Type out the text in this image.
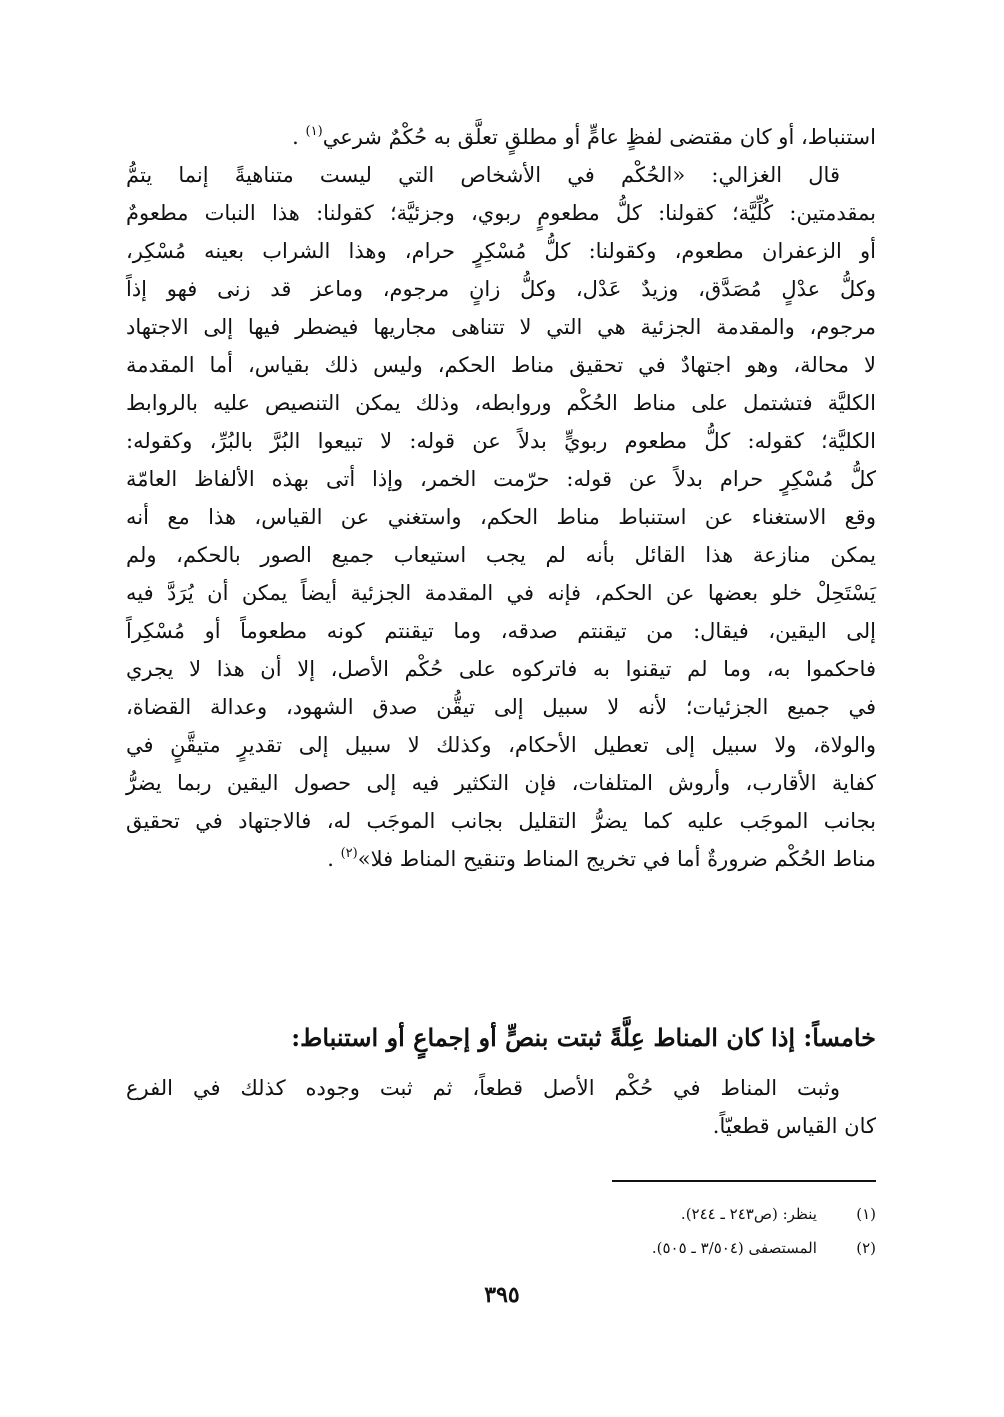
استنباط، أو كان مقتضى لفظٍ عامٍّ أو مطلقٍ تعلَّق به حُكْمٌ شرعي$^{(١)}$ .
قال الغزالي: «الحُكْم في الأشخاص التي ليست متناهيةً إنما يتمُّ
بمقدمتين: كُلِّيَّة؛ كقولنا: كلُّ مطعومٍ ربوي، وجزئيَّة؛ كقولنا: هذا النبات مطعومٌ
أو الزعفران مطعوم، وكقولنا: كلُّ مُسْكِرٍ حرام، وهذا الشراب بعينه مُسْكِر،
وكلُّ عدْلٍ مُصَدَّق، وزيدٌ عَدْل، وكلُّ زانٍ مرجوم، وماعز قد زنى فهو إذاً
مرجوم، والمقدمة الجزئية هي التي لا تتناهى مجاريها فيضطر فيها إلى الاجتهاد
لا محالة، وهو اجتهادٌ في تحقيق مناط الحكم، وليس ذلك بقياس، أما المقدمة
الكليَّة فتشتمل على مناط الحُكْم وروابطه، وذلك يمكن التنصيص عليه بالروابط
الكليَّة؛ كقوله: كلُّ مطعوم ربويٍّ بدلاً عن قوله: لا تبيعوا البُرَّ بالبُرِّ، وكقوله:
كلُّ مُسْكِرٍ حرام بدلاً عن قوله: حرّمت الخمر، وإذا أتى بهذه الألفاظ العامّة
وقع الاستغناء عن استنباط مناط الحكم، واستغني عن القياس، هذا مع أنه
يمكن منازعة هذا القائل بأنه لم يجب استيعاب جميع الصور بالحكم، ولم
يَسْتَحِلْ خلو بعضها عن الحكم، فإنه في المقدمة الجزئية أيضاً يمكن أن يُرَدَّ فيه
إلى اليقين، فيقال: من تيقنتم صدقه، وما تيقنتم كونه مطعوماً أو مُسْكِراً
فاحكموا به، وما لم تيقنوا به فاتركوه على حُكْم الأصل، إلا أن هذا لا يجري
في جميع الجزئيات؛ لأنه لا سبيل إلى تيقُّن صدق الشهود، وعدالة القضاة،
والولاة، ولا سبيل إلى تعطيل الأحكام، وكذلك لا سبيل إلى تقديرٍ متيقَّنٍ في
كفاية الأقارب، وأروش المتلفات، فإن التكثير فيه إلى حصول اليقين ربما يضرُّ
بجانب الموجَب عليه كما يضرُّ التقليل بجانب الموجَب له، فالاجتهاد في تحقيق
مناط الحُكْم ضرورةٌ أما في تخريج المناط وتنقيح المناط فلا»$^{(٢)}$ .
خامساً: إذا كان المناط عِلَّةً ثبتت بنصٍّ أو إجماعٍ أو استنباط:
وثبت المناط في حُكْم الأصل قطعاً، ثم ثبت وجوده كذلك في الفرع
كان القياس قطعيّاً.
(١)    ينظر: (ص٢٤٣ ـ ٢٤٤).
(٢)    المستصفى (٣/٥٠٤ ـ ٥٠٥).
٣٩٥
